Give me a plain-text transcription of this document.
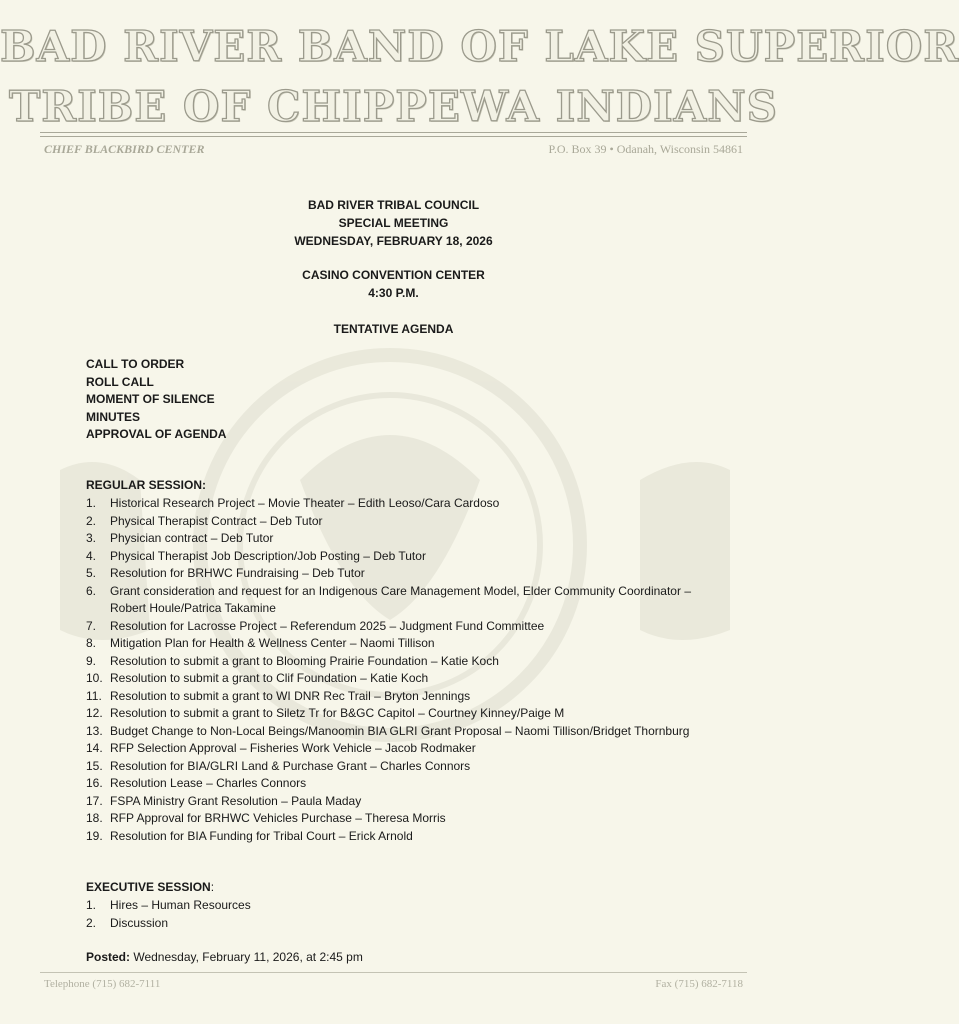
BAD RIVER BAND OF LAKE SUPERIOR
TRIBE OF CHIPPEWA INDIANS
CHIEF BLACKBIRD CENTER	P.O. Box 39 • Odanah, Wisconsin 54861
BAD RIVER TRIBAL COUNCIL
SPECIAL MEETING
WEDNESDAY, FEBRUARY 18, 2026
CASINO CONVENTION CENTER
4:30 P.M.
TENTATIVE AGENDA
CALL TO ORDER
ROLL CALL
MOMENT OF SILENCE
MINUTES
APPROVAL OF AGENDA
REGULAR SESSION:
1.	Historical Research Project – Movie Theater – Edith Leoso/Cara Cardoso
2.	Physical Therapist Contract – Deb Tutor
3.	Physician contract – Deb Tutor
4.	Physical Therapist Job Description/Job Posting – Deb Tutor
5.	Resolution for BRHWC Fundraising – Deb Tutor
6.	Grant consideration and request for an Indigenous Care Management Model, Elder Community Coordinator – Robert Houle/Patrica Takamine
7.	Resolution for Lacrosse Project – Referendum 2025 – Judgment Fund Committee
8.	Mitigation Plan for Health & Wellness Center – Naomi Tillison
9.	Resolution to submit a grant to Blooming Prairie Foundation – Katie Koch
10. Resolution to submit a grant to Clif Foundation – Katie Koch
11. Resolution to submit a grant to WI DNR Rec Trail – Bryton Jennings
12. Resolution to submit a grant to Siletz Tr for B&GC Capitol – Courtney Kinney/Paige M
13. Budget Change to Non-Local Beings/Manoomin BIA GLRI Grant Proposal – Naomi Tillison/Bridget Thornburg
14. RFP Selection Approval – Fisheries Work Vehicle – Jacob Rodmaker
15. Resolution for BIA/GLRI Land & Purchase Grant – Charles Connors
16. Resolution Lease – Charles Connors
17. FSPA Ministry Grant Resolution – Paula Maday
18. RFP Approval for BRHWC Vehicles Purchase – Theresa Morris
19. Resolution for BIA Funding for Tribal Court – Erick Arnold
EXECUTIVE SESSION:
1.	Hires – Human Resources
2.	Discussion
Posted: Wednesday, February 11, 2026, at 2:45 pm
Telephone (715) 682-7111	Fax (715) 682-7118
